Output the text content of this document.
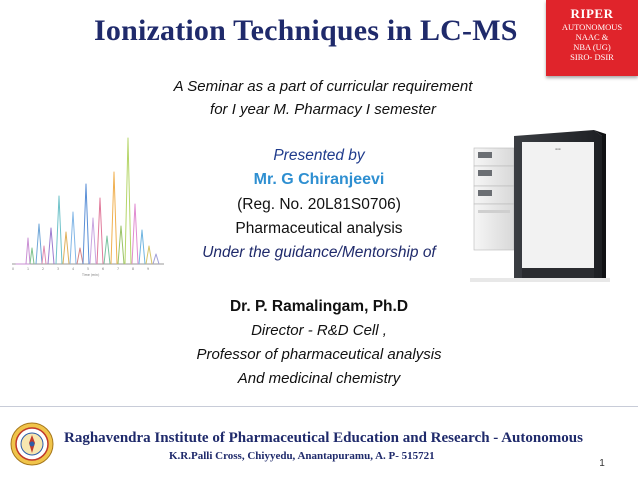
Ionization Techniques in LC-MS
RIPER
AUTONOMOUS
NAAC &
NBA (UG)
SIRO- DSIR
A Seminar as a part of curricular requirement
for I year M. Pharmacy I semester
Presented by
Mr. G Chiranjeevi
(Reg. No. 20L81S0706)
Pharmaceutical analysis
Under the guidance/Mentorship of
Dr. P. Ramalingam, Ph.D
Director - R&D Cell ,
Professor of pharmaceutical analysis
And medicinal chemistry
0	1	2	3	4	5	6	7	8	9
Time (min)
▬▬
Raghavendra Institute of Pharmaceutical Education and Research - Autonomous
K.R.Palli Cross, Chiyyedu, Anantapuramu, A. P- 515721
1
